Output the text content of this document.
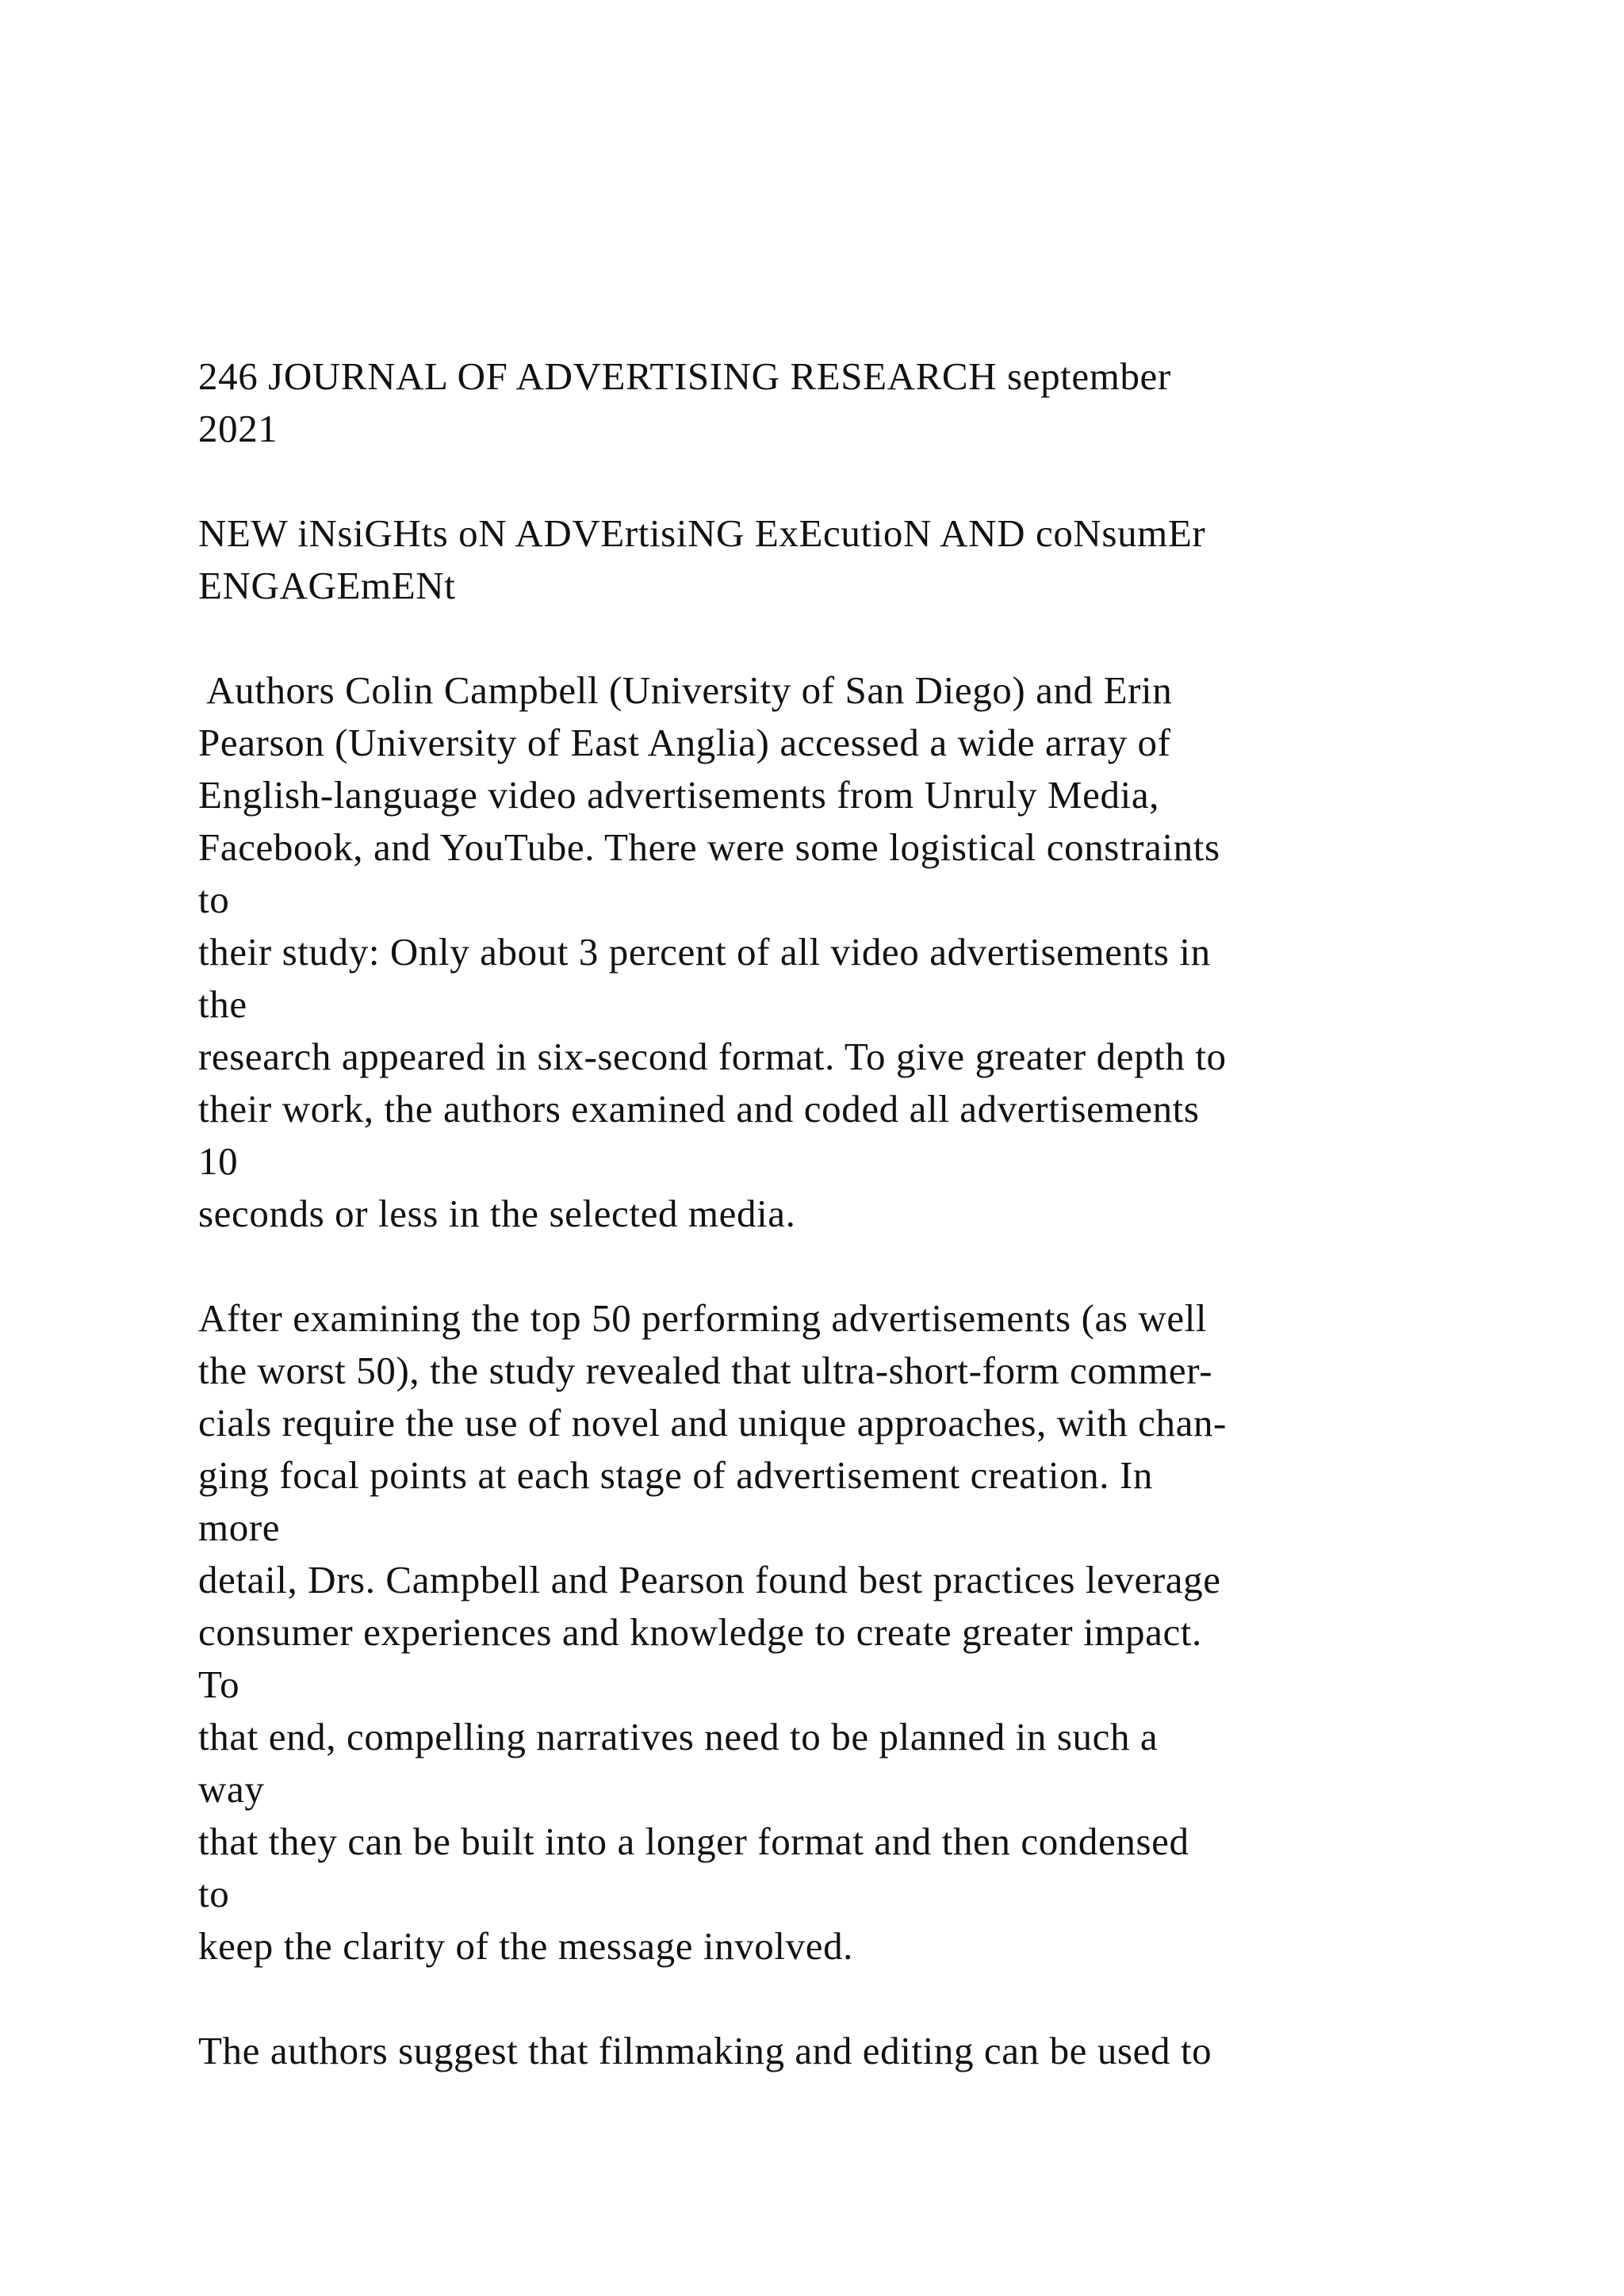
246 JOURNAL OF ADVERTISING RESEARCH september
2021
NEW iNsiGHts oN ADVErtisiNG ExEcutioN AND coNsumEr
ENGAGEmENt
Authors Colin Campbell (University of San Diego) and Erin
Pearson (University of East Anglia) accessed a wide array of
English-language video advertisements from Unruly Media,
Facebook, and YouTube. There were some logistical constraints
to
their study: Only about 3 percent of all video advertisements in
the
research appeared in six-second format. To give greater depth to
their work, the authors examined and coded all advertisements
10
seconds or less in the selected media.
After examining the top 50 performing advertisements (as well
the worst 50), the study revealed that ultra-short-form commer-
cials require the use of novel and unique approaches, with chan-
ging focal points at each stage of advertisement creation. In
more
detail, Drs. Campbell and Pearson found best practices leverage
consumer experiences and knowledge to create greater impact.
To
that end, compelling narratives need to be planned in such a
way
that they can be built into a longer format and then condensed
to
keep the clarity of the message involved.
The authors suggest that filmmaking and editing can be used to
